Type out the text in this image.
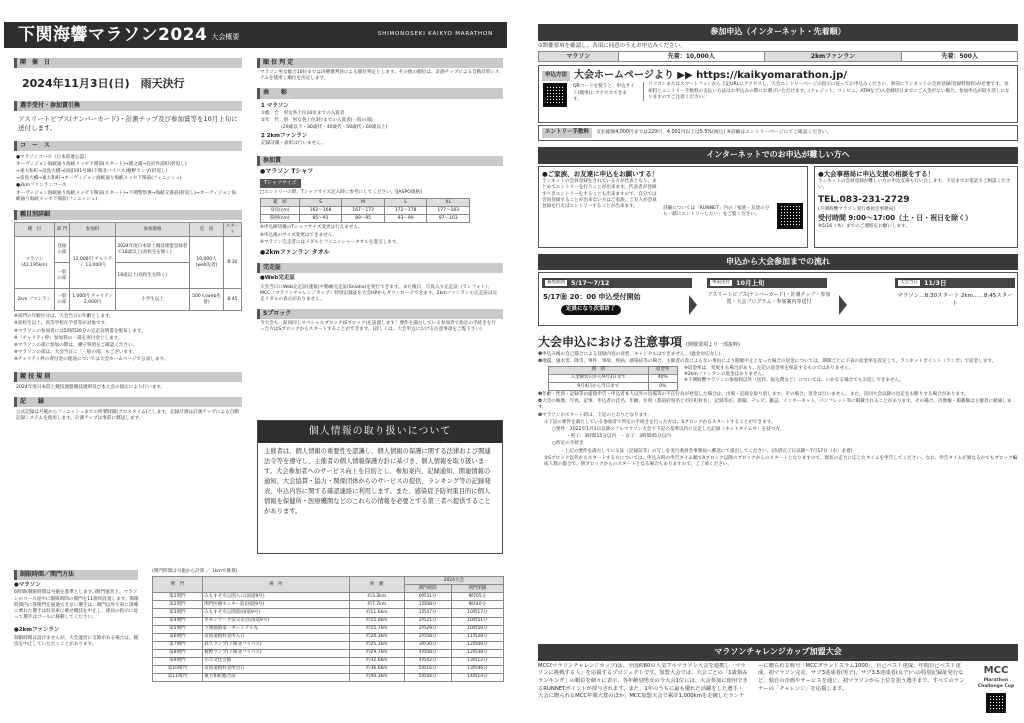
下関海響マラソン2024 大会概要	SHIMONOSEKI KAIKYO MARATHON
開　催　日
2024年11月3日(日)　雨天決行
選手受付・参加賞引換
アスリートビブス(ナンバーカード)・計測チップ及び参加賞等を10月上旬に送付します。
コ　ー　ス
●マラソンコース（日本陸連公認）
オーヴィジョン海峡通り海峡メッセ下関前(スタート)→壇之浦→長府外浦町(折返し)
→東大和町→彦島大橋→国道191号線(下関北バイパス)植野ランプ(折返し)
→彦島大橋→東大和町→オーヴィジョン海峡通り海峡メッセ下関前(フィニッシュ)
●2kmファンランコース
オーヴィジョン海峡通り海峡メッセ下関前(スタート)→下関警察署→海峡交番前(折返し)→オーヴィジョン海峡通り海峡メッセ下関前(フィニッシュ)
種目別詳細
種　目	部 門	参加料	参加資格	定　員	スタート
マラソン(42.195km)	登録の部	12,000円 チャリティ 13,000円	2024年度日本陸上競技連盟登録者で18歳以上(高校生を除く)	10,000人(web先着)	8:30
	一般の部		18歳以上(高校生を除く)		
2km ファンラン	一般の部	1,000円 チャリティ 2,000円	小学生以上	500人(web先着)	8:45
※部門の年齢区分は、大会当日の年齢とします。
※高校生以上、高等学校在学者等が対象です。
※マラソンの参加者には5時間30分の完走証明書を配布します。
※「チャリティ枠」参加料の一部を寄付金とします。
※マラソンの部に参加の際は、遵守事項をご確認ください。
※マラソンの部は、大会当日に「一般の部」もございます。
※チャリティ枠の寄付金の使途については大会ホームページで公表します。
競 技 規 則
2024年度日本陸上競技連盟競技規則及び本大会の規定により行います。
記　　録
公式記録は号砲からフィニッシュまでの所要時間(グロスタイム)とします。記録計測は計測チップによる自動記録システムを使用します。計測チップは事前に郵送します。
順 位 判 定
マラソン男女総合10位までは決勝審判員による順位判定とします。その他の順位は、計測チップによる自動計時システムを使用し順位を決定します。
表　　彰
1 マラソン
①総　合　男女各上位10位までの入賞者
②年　代　別　男女各上位3位までの入賞者(一般の部)
(29歳以下・30歳代・40歳代・50歳代・60歳以上)
2 2kmファンラン
記録計測・表彰は行いません。
参加賞
●マラソン Tシャツ
Tシャツサイズ
□エントリーの際、Tシャツサイズ記入時に参考にしてください。[JASPO規格]
範　囲	S	M	L	XL
身長(cm)	162〜168	167〜173	172〜178	177〜183
胸囲(cm)	85〜91	89〜95	93〜99	97〜103
※申込締切後のTシャツサイズ変更は行えません。
※申込後のサイズ変更はできません。
※マラソン完走者にはメダルとフィニッシャータオルを進呈します。
●2kmファンラン タオル
完走証
●Web完走証
大会当日にWeb完走証(速報)や動画完走証(Sniaha)を発行できます。また後日、写真入り完走証（ランフォト）、MCC（マラソンチャレンジカップ）特別記録証を大会HPからダウンロードできます。2kmファンランの完走証は完走メダルの表示がありません。
Sブロック
今大会も、前回同じスペシャルブロック(Sブロック)を設置します！要件を満たしている参加者で指定の手続きを行った方はSブロックからスタートすることができます。(詳しくは、大会申込における注意事項をご覧下さい)
個人情報の取り扱いについて
主催者は、個人情報の重要性を認識し、個人情報の保護に関する法律および関連法令等を遵守し、主催者の個人情報保護方針に基づき、個人情報を取り扱います。大会参加者へのサービス向上を目的とし、参加案内、記録通知、関連情報の通知、大会協賛・協力・関係団体からのサービスの提供、ランキング等の記録発表、申込内容に関する確認連絡に利用します。また、感染症予防対策目的に個人情報を保健所・医療機関などのこれらの情報を必要とする第三者へ提供することがあります。
制限時間／関門方法
●マラソン
6時間(制限時間は号砲を基準とします。)関門運営上、マラソンのコース途中に制限時間の関門を11箇所設置します。制限時間内に各関門を通過できない選手は、関門以外で車に誘導に乗れた選手は収容車に乗せ競技を中止し、係員の指示に従って選手はゴールに移動してください。
●2kmファンラン
制限時間は設けませんが、大会運営に支障がある場合は、競技を中止していただくことがあります。
(関門時間は号砲から計算 ／ 1kmで換算)
関　門	場　所	距　離	2024大会	
			関門時間	関門閉鎖
第1関門	みもすそ川公園入口(国道9号)	約3.3km	0時31分	9時05分
第2関門	関門医療センター前(国道9号)	約7.7km	1時08分	9時40分
第3関門	みもすそ川公園前(国道9号)	約11.6km	1時47分	10時17分
第4関門	きモンワーク前交差点(国道9号)	約15.0km	2時21分	10時51分
第5関門	下関漁港第一ターミナル先	約15.7km	2時29分	10時50分
第6関門	彦島道路料金所入口	約20.3km	2時58分	11時28分
第7関門	武久ランプ(下関北バイパス)	約25.1km	3時30分	12時00分
第8関門	植野ランプ(下関北バイパス)	約29.7km	4時08分	12時38分
第9関門	小月文化会館	約32.6km	4時42分	13時12分
第10関門	彦島道路料金所出口	約36.6km	5時16分	13時46分
第11関門	東大和町総合前	約40.3km	5時44分	14時14分
参加申込（インターネット・先着順）
⊙開催要項を確認し、各項に同意のうえお申込みください。
マラソン	先着：10,000人	2kmファンラン	先着：500人
申込方法 大会ホームページより ▶▶ https://kaikyomarathon.jp/
QRコードを使うと、申込サイト(簡単)にアクセスできます。
パソコンまたはスマートフォンから上記URLにアクセスし、大会エントリーページの指示に従ってお申込みください。事前にランネットの会員登録(登録料無料)が必要です。参加料とエントリー手数料の支払い方法はお申込みの際にお選びいただけます。(クレジット、コンビニ、ATMなど)入金締切日までにご入金がない場合、参加申込が取り消しになりますのでご注意ください。
エントリー手数料	支払総額4,000円までは220円、4,001円以上は5.5%(税込) ※詳細はエントリーページにてご確認ください。
インターネットでのお申込が難しい方へ
●ご家族、お友達に申込をお願いする！
ランネットの会員登録をされている方が代表となり、まとめてエントリーを行うことが出来ます。代表者が登録すべきエントリーをすることも出来ますので、自分では会員登録することが出来ない方はご家族、ご友人が会員登録を行えばエントリーすることが出来ます。	詳細については「RUNNET」内の「家族・友達の分も一緒にエントリーしたい」をご覧ください。
●大会事務局に申込支援の相談をする！
ランネットの会員登録が難しい方の申込支援も行いたします。下記までお電話でご相談ください。
TEL.083-231-2729
(下関海響マラソン実行委員会事務局)
受付時間 9:00〜17:00（土・日・祝日を除く）
※5/16（木）までのご連絡をお願いします。
申込から大会参加までの流れ
募集期間 5/17〜7/12	事前送付 10月上旬	大会当日 11/3日
5/17㊎ 20：00 申込受付開始
定員になり次第終了
アスリートビブス(ナンバーカード)・計測チップ・参加賞・大会プログラム・参加案内等送付
マラソン…8:30スタート 2km……8:45スタート
大会申込における注意事項 (開催要項より一部抜粋)
❶申込み後の自己都合による登録内容の変更、キャンセルはできません。(過金対応なし)
❷地震、風水害、降雪、事件、事故、疾病、感染症等の場合、主催者の責によらない事由により開催中止となった場合の返金については、期間ごとに下表の返金率を設定して、ランネットポイント（ランポ）で返金します。
期　間	返金率
入金締切日から9月3日まで	40%
9月4日から当日まで	0%
※返金率は、変更する場合があり、左記の返金率を保証するものではありません。
※2kmファンランの返金はありません。
※下関海響マラソンの参加料以外（送料、振込費など）については、いかなる場合でもお返しできません。
❸年齢・性別・記録等の虚偽申告・申込者本人以外の出場等の不正行為が発覚した場合は、出場・記録を取り消します。その場合、返金は行いません。また、次回大会以降の出走をお断りする場合があります。
❹大会の映像、写真、記事、申込者の氏名、年齢、住所（都道府県名と市区町村名）、記録等が、新聞、テレビ、雑誌、インターネット、パンフレット等に掲載されることがあります。その場合、肖像権・掲載権は主催者に帰属します。
❺マラソンのスタート時は、下記のとおりとなります。
①下記の要件を満たしている参加者で所定の手続きを行った方は、Sブロックからスタートすることができます。
○要件：2022年1月1日以降のフルマラソン大会で下記の基準以内に完走した記録（ネットタイム可）を持つ方。
・男子：3時間15分以内　・女子：3時間45分以内
○所定の手続き
・上記の要件を満たしている証（記録証等）の写しを実行委員会事務局へ郵送にて提出してください。(決済完了日以降〜7月17日（水）必着)
②Sブロック以外からスタートする方については、申込み時の申告タイム順でAブロック以降のブロックからのスタートとなりますので、現状の走力に応じたタイムを申告してください。なお、申告タイムが異なるかでもブロック編成人数の都合で、別ブロックからのスタートとなる場合もありますので、ご了承ください。
マラソンチャレンジカップ加盟大会
MCC(マラソンチャレンジカップ)は、全国約60の人気フルマラソン大会を連携し「マラソンに挑戦する人」を応援するプロジェクトです。加盟大会では、大会ごとの「1歳刻みランキング」の順位を個々に表示、各年齢別男女の今大会1位には、大会参加に使用できるRUNNETポイントが授与されます。また、1年のうちに最も優れた活躍をした選手・大会に贈られるMCC年間大賞のほか、MCC加盟大会で累計1,000kmを走破したランナーに贈られる称号「MCCグランドスラム1000」、自己ベスト達成、年間自己ベスト達成、初マラソン完走、サブ3達成者(男子)、サブ3.5達成者(女子)への特別記録証発行など、独自の企画やサービスを通じ、初マラソンから上位を狙う選手まで、すべてのランナーの「チャレンジ」を応援します。
MCC
Marathon Challenge Cup
